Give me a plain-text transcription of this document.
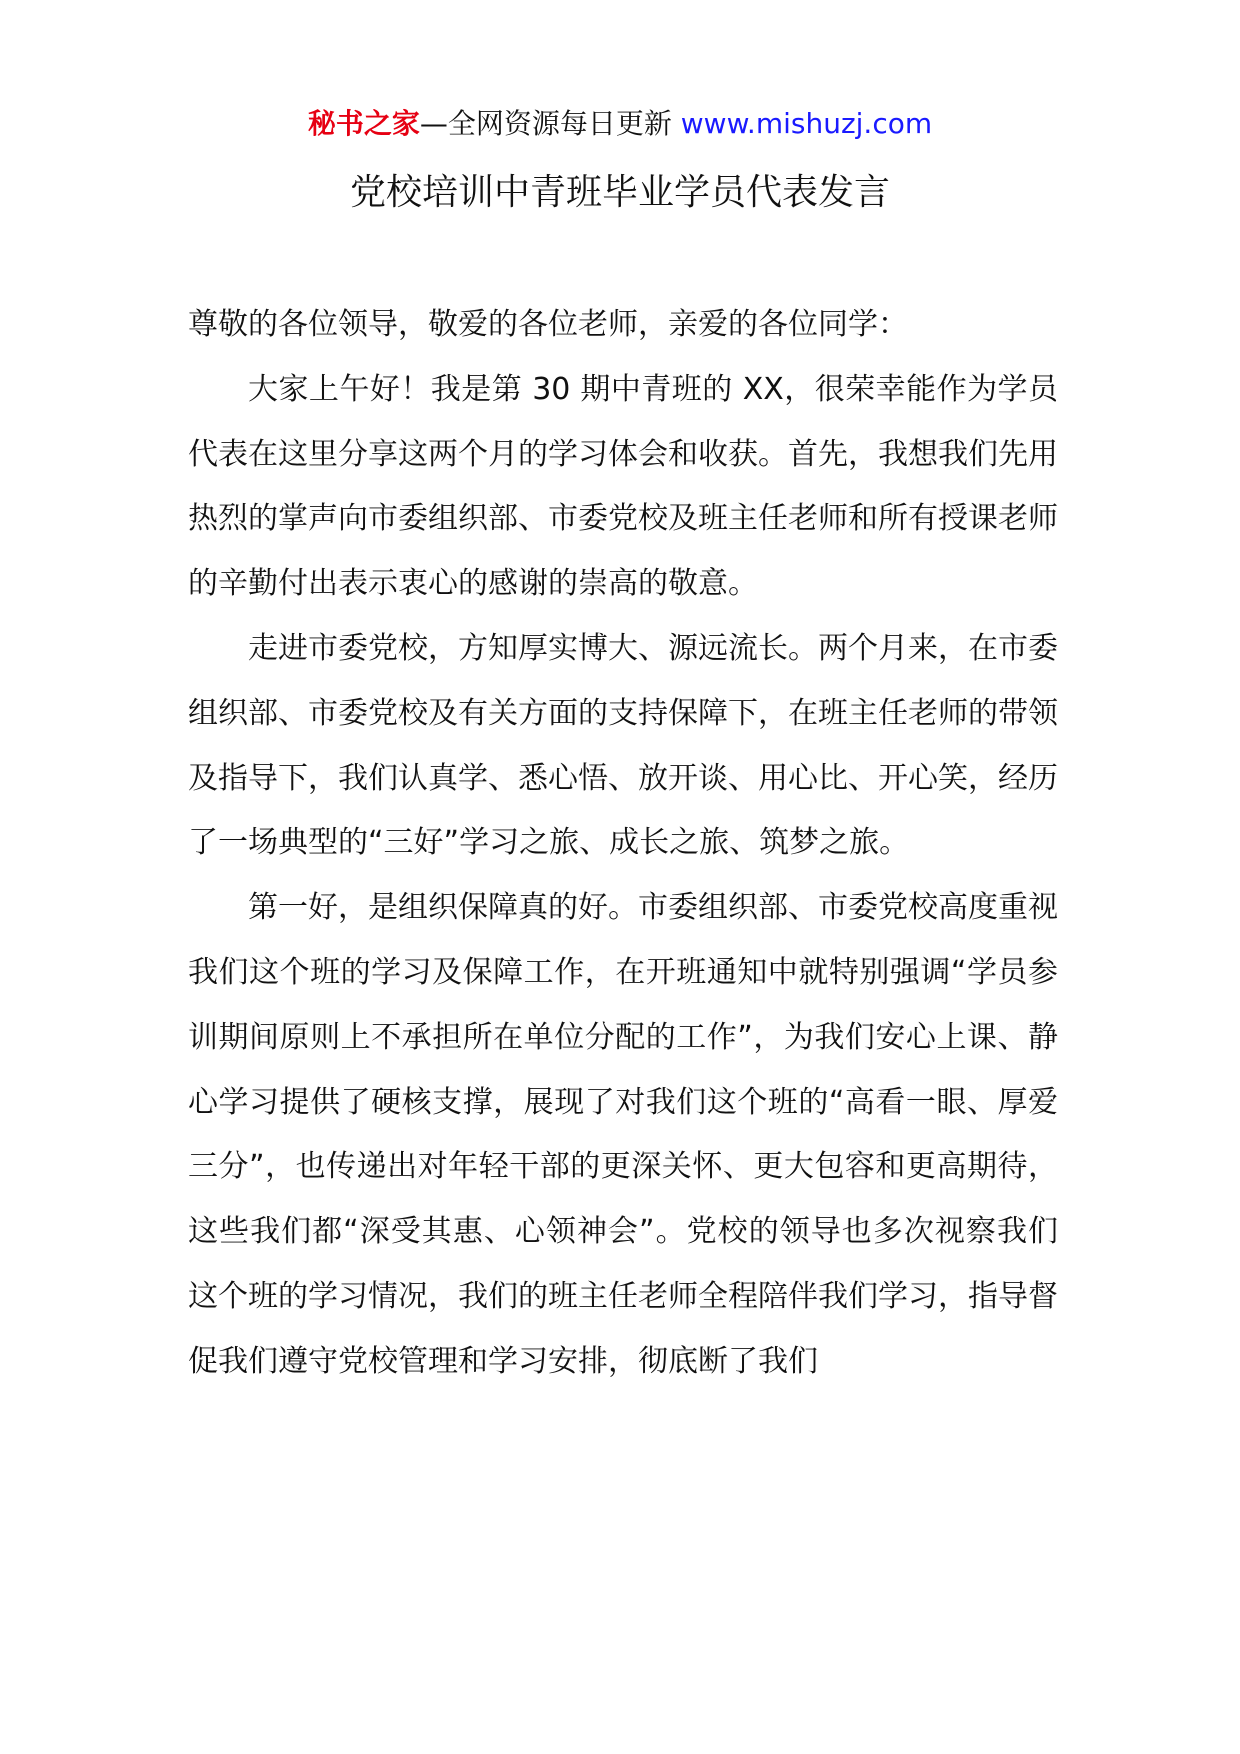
秘书之家—全网资源每日更新 www.mishuzj.com
党校培训中青班毕业学员代表发言

尊敬的各位领导，敬爱的各位老师，亲爱的各位同学：

大家上午好！我是第 30 期中青班的 XX，很荣幸能作为学员代表在这里分享这两个月的学习体会和收获。首先，我想我们先用热烈的掌声向市委组织部、市委党校及班主任老师和所有授课老师的辛勤付出表示衷心的感谢的崇高的敬意。

走进市委党校，方知厚实博大、源远流长。两个月来，在市委组织部、市委党校及有关方面的支持保障下，在班主任老师的带领及指导下，我们认真学、悉心悟、放开谈、用心比、开心笑，经历了一场典型的“三好”学习之旅、成长之旅、筑梦之旅。

第一好，是组织保障真的好。市委组织部、市委党校高度重视我们这个班的学习及保障工作，在开班通知中就特别强调“学员参训期间原则上不承担所在单位分配的工作”，为我们安心上课、静心学习提供了硬核支撑，展现了对我们这个班的“高看一眼、厚爱三分”，也传递出对年轻干部的更深关怀、更大包容和更高期待，这些我们都“深受其惠、心领神会”。党校的领导也多次视察我们这个班的学习情况，我们的班主任老师全程陪伴我们学习，指导督促我们遵守党校管理和学习安排，彻底断了我们
